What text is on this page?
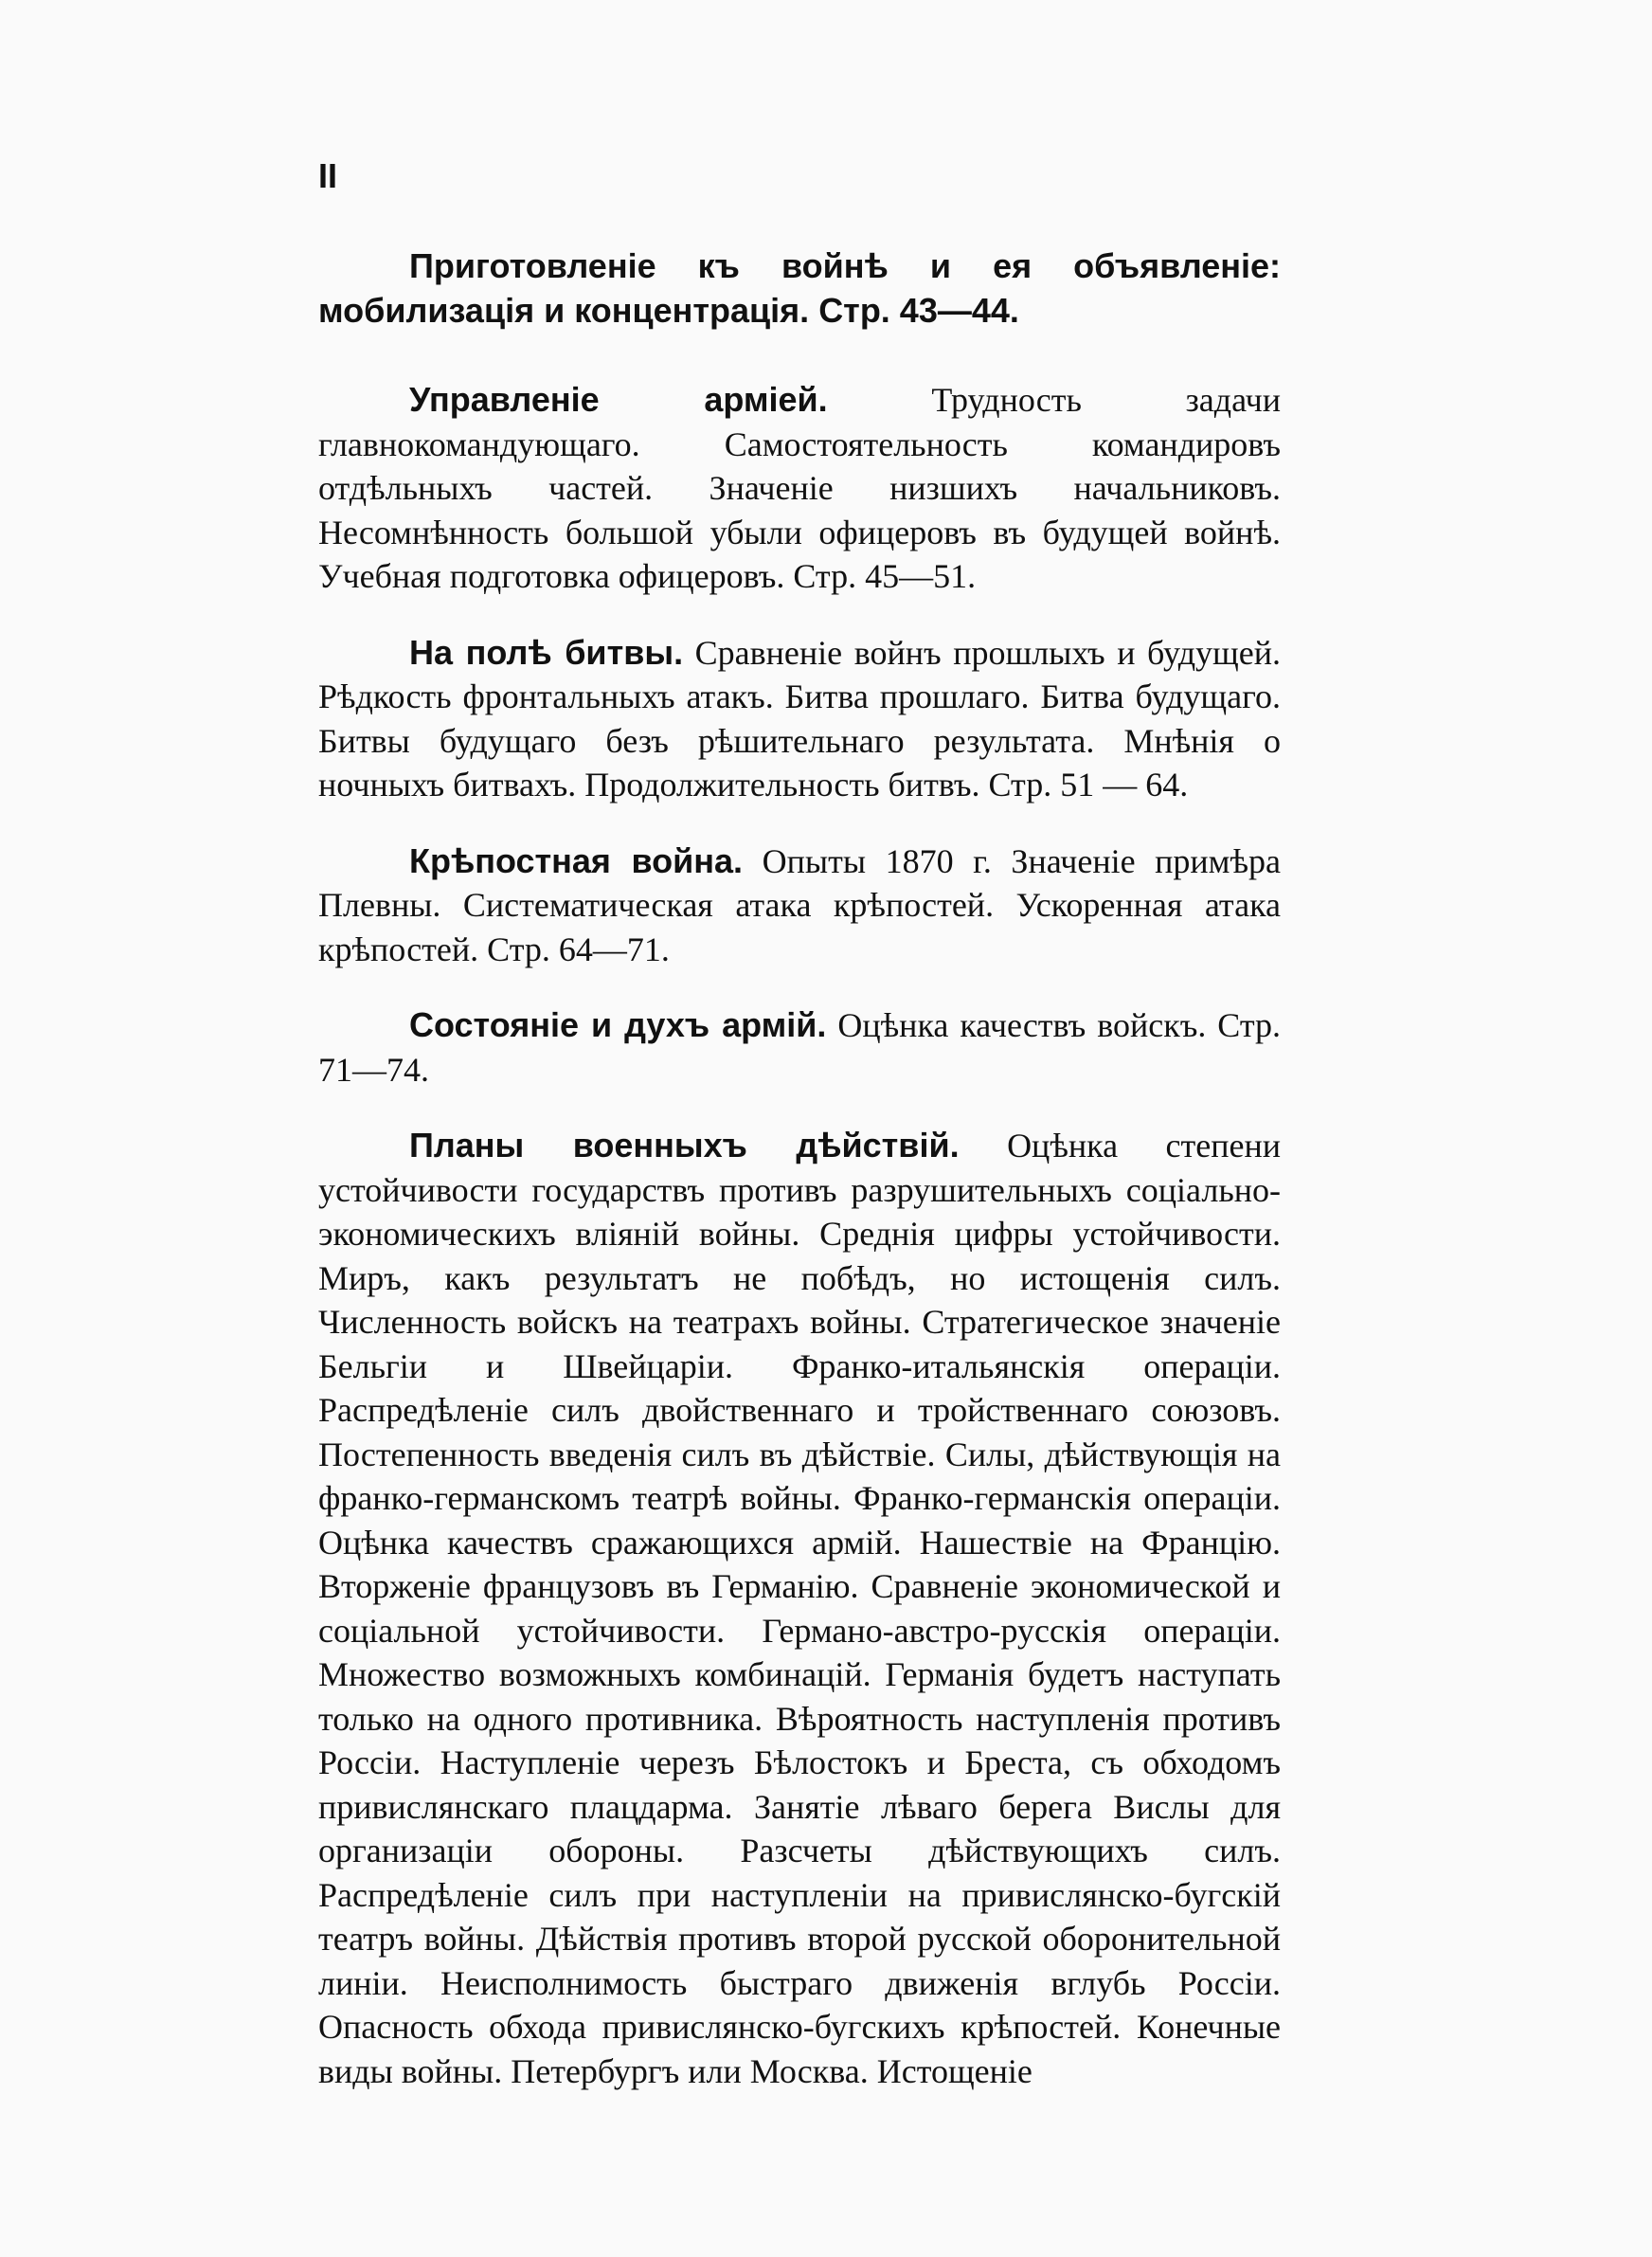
II

Приготовленіе къ войнѣ и ея объявленіе: мобилизація и концентрація. Стр. 43—44.

Управленіе арміей.	Трудность задачи главнокомандующаго. Самостоятельность командировъ отдѣльныхъ частей. Значеніе низшихъ начальниковъ. Несомнѣнность большой убыли офицеровъ въ будущей войнѣ. Учебная подготовка офицеровъ. Стр. 45—51.

На полѣ битвы. Сравненіе войнъ прошлыхъ и будущей. Рѣдкость фронтальныхъ атакъ. Битва прошлаго. Битва будущаго. Битвы будущаго безъ рѣшительнаго результата. Мнѣнія о ночныхъ битвахъ. Продолжительность битвъ. Стр. 51 — 64.

Крѣпостная война. Опыты 1870 г. Значеніе примѣра Плевны. Систематическая атака крѣпостей. Ускоренная атака крѣпостей. Стр. 64—71.

Состояніе и духъ армій. Оцѣнка качествъ войскъ. Стр. 71—74.

Планы военныхъ дѣйствій. Оцѣнка степени устойчивости государствъ противъ разрушительныхъ соціально-экономическихъ вліяній войны. Среднія цифры устойчивости. Миръ, какъ результатъ не побѣдъ, но истощенія силъ. Численность войскъ на театрахъ войны. Стратегическое значеніе Бельгіи и Швейцаріи. Франко-итальянскія операціи. Распредѣленіе силъ двойственнаго и тройственнаго союзовъ. Постепенность введенія силъ въ дѣйствіе. Силы, дѣйствующія на франко-германскомъ театрѣ войны. Франко-германскія операціи. Оцѣнка качествъ сражающихся армій. Нашествіе на Францію. Вторженіе французовъ въ Германію. Сравненіе экономической и соціальной устойчивости. Германо-австро-русскія операціи. Множество возможныхъ комбинацій. Германія будетъ наступать только на одного противника. Вѣроятность наступленія противъ Россіи. Наступленіе черезъ Бѣлостокъ и Бреста, съ обходомъ привислянскаго плацдарма. Занятіе лѣваго берега Вислы для организаціи обороны. Разсчеты дѣйствующихъ силъ. Распредѣленіе силъ при наступленіи на привислянско-бугскій театръ войны. Дѣйствія противъ второй русской оборонительной линіи. Неисполнимость быстраго движенія вглубь Россіи. Опасность обхода привислянско-бугскихъ крѣпостей. Конечные виды войны. Петербургъ или Москва. Истощеніе
